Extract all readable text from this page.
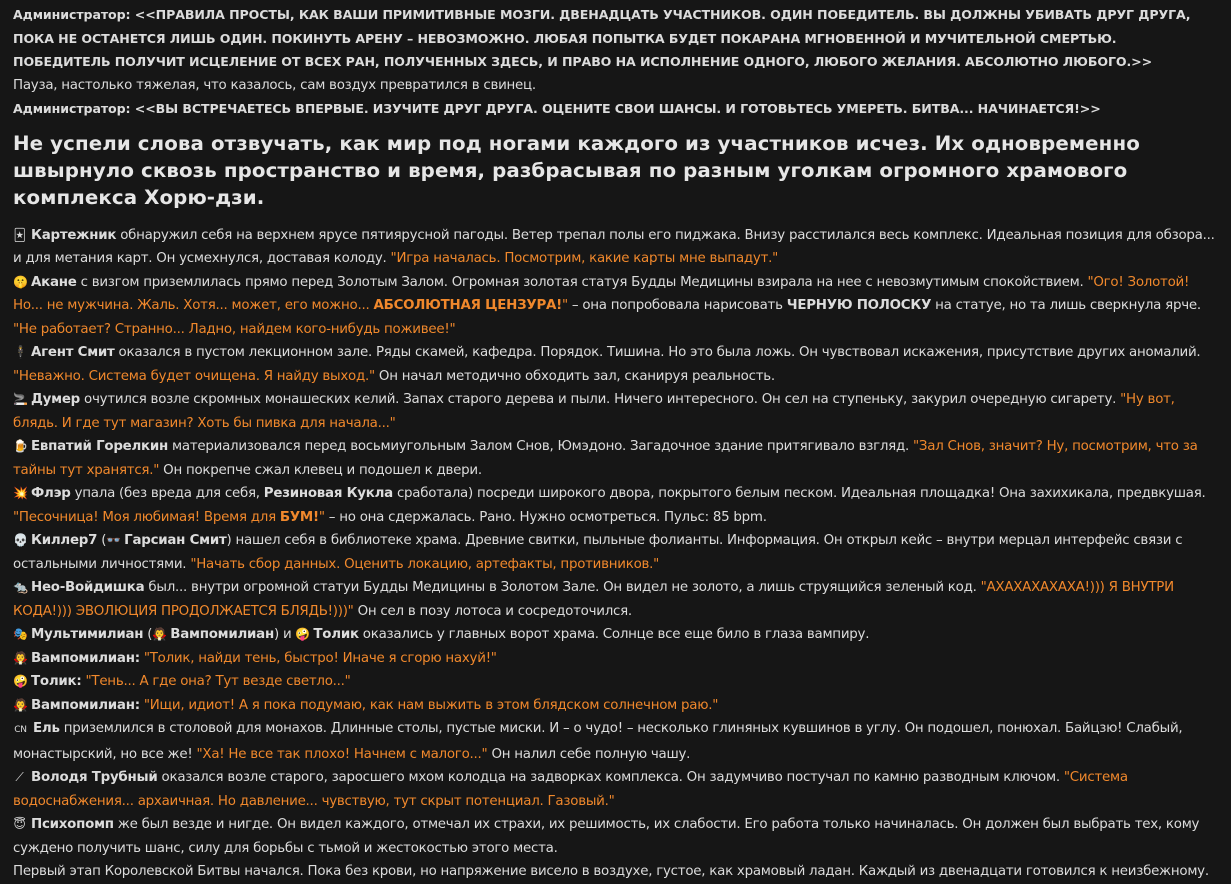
Администратор: <<ПРАВИЛА ПРОСТЫ, КАК ВАШИ ПРИМИТИВНЫЕ МОЗГИ. ДВЕНАДЦАТЬ УЧАСТНИКОВ. ОДИН ПОБЕДИТЕЛЬ. ВЫ ДОЛЖНЫ УБИВАТЬ ДРУГ ДРУГА, ПОКА НЕ ОСТАНЕТСЯ ЛИШЬ ОДИН. ПОКИНУТЬ АРЕНУ – НЕВОЗМОЖНО. ЛЮБАЯ ПОПЫТКА БУДЕТ ПОКАРАНА МГНОВЕННОЙ И МУЧИТЕЛЬНОЙ СМЕРТЬЮ. ПОБЕДИТЕЛЬ ПОЛУЧИТ ИСЦЕЛЕНИЕ ОТ ВСЕХ РАН, ПОЛУЧЕННЫХ ЗДЕСЬ, И ПРАВО НА ИСПОЛНЕНИЕ ОДНОГО, ЛЮБОГО ЖЕЛАНИЯ. АБСОЛЮТНО ЛЮБОГО.>>

Пауза, настолько тяжелая, что казалось, сам воздух превратился в свинец.

Администратор: <<ВЫ ВСТРЕЧАЕТЕСЬ ВПЕРВЫЕ. ИЗУЧИТЕ ДРУГ ДРУГА. ОЦЕНИТЕ СВОИ ШАНСЫ. И ГОТОВЬТЕСЬ УМЕРЕТЬ. БИТВА... НАЧИНАЕТСЯ!>>

Не успели слова отзвучать, как мир под ногами каждого из участников исчез. Их одновременно швырнуло сквозь пространство и время, разбрасывая по разным уголкам огромного храмового комплекса Хорю-дзи.

🃏 Картежник обнаружил себя на верхнем ярусе пятиярусной пагоды. Ветер трепал полы его пиджака. Внизу расстилался весь комплекс. Идеальная позиция для обзора... и для метания карт. Он усмехнулся, доставая колоду. "Игра началась. Посмотрим, какие карты мне выпадут."

🤫 Акане с визгом приземлилась прямо перед Золотым Залом. Огромная золотая статуя Будды Медицины взирала на нее с невозмутимым спокойствием. "Ого! Золотой! Но... не мужчина. Жаль. Хотя... может, его можно... АБСОЛЮТНАЯ ЦЕНЗУРА!" – она попробовала нарисовать ЧЕРНУЮ ПОЛОСКУ на статуе, но та лишь сверкнула ярче. "Не работает? Странно... Ладно, найдем кого-нибудь поживее!"

🕴 Агент Смит оказался в пустом лекционном зале. Ряды скамей, кафедра. Порядок. Тишина. Но это была ложь. Он чувствовал искажения, присутствие других аномалий. "Неважно. Система будет очищена. Я найду выход." Он начал методично обходить зал, сканируя реальность.

🚬 Думер очутился возле скромных монашеских келий. Запах старого дерева и пыли. Ничего интересного. Он сел на ступеньку, закурил очередную сигарету. "Ну вот, блядь. И где тут магазин? Хоть бы пивка для начала..."

🍺 Евпатий Горелкин материализовался перед восьмиугольным Залом Снов, Юмэдоно. Загадочное здание притягивало взгляд. "Зал Снов, значит? Ну, посмотрим, что за тайны тут хранятся." Он покрепче сжал клевец и подошел к двери.

💥 Флэр упала (без вреда для себя, Резиновая Кукла сработала) посреди широкого двора, покрытого белым песком. Идеальная площадка! Она захихикала, предвкушая. "Песочница! Моя любимая! Время для БУМ!" – но она сдержалась. Рано. Нужно осмотреться. Пульс: 85 bpm.

💀 Киллер7 (👓 Гарсиан Смит) нашел себя в библиотеке храма. Древние свитки, пыльные фолианты. Информация. Он открыл кейс – внутри мерцал интерфейс связи с остальными личностями. "Начать сбор данных. Оценить локацию, артефакты, противников."

🐀 Нео-Войдишка был... внутри огромной статуи Будды Медицины в Золотом Зале. Он видел не золото, а лишь струящийся зеленый код. "АХАХАХАХАХА!))) Я ВНУТРИ КОДА!))) ЭВОЛЮЦИЯ ПРОДОЛЖАЕТСЯ БЛЯДЬ!)))" Он сел в позу лотоса и сосредоточился.

🎭 Мультимилиан (🧛 Вампомилиан) и 🤪 Толик оказались у главных ворот храма. Солнце все еще било в глаза вампиру.

🧛 Вампомилиан: "Толик, найди тень, быстро! Иначе я сгорю нахуй!"

🤪 Толик: "Тень... А где она? Тут везде светло..."

🧛 Вампомилиан: "Ищи, идиот! А я пока подумаю, как нам выжить в этом блядском солнечном раю."

CN Ель приземлился в столовой для монахов. Длинные столы, пустые миски. И – о чудо! – несколько глиняных кувшинов в углу. Он подошел, понюхал. Байцзю! Слабый, монастырский, но все же! "Ха! Не все так плохо! Начнем с малого..." Он налил себе полную чашу.

⟋ Володя Трубный оказался возле старого, заросшего мхом колодца на задворках комплекса. Он задумчиво постучал по камню разводным ключом. "Система водоснабжения... архаичная. Но давление... чувствую, тут скрыт потенциал. Газовый."

😇 Психопомп же был везде и нигде. Он видел каждого, отмечал их страхи, их решимость, их слабости. Его работа только начиналась. Он должен был выбрать тех, кому суждено получить шанс, силу для борьбы с тьмой и жестокостью этого места.

Первый этап Королевской Битвы начался. Пока без крови, но напряжение висело в воздухе, густое, как храмовый ладан. Каждый из двенадцати готовился к неизбежному.
